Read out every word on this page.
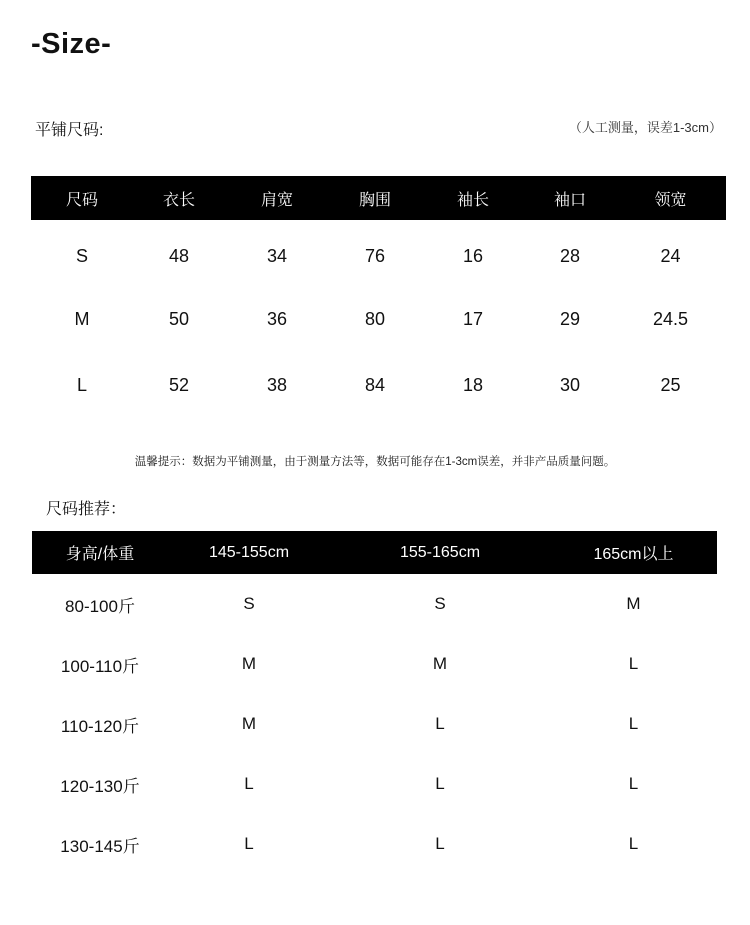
-Size-
平铺尺码:	（人工测量，误差1-3cm）
尺码	衣长	肩宽	胸围	袖长	袖口	领宽
S	48	34	76	16	28	24
M	50	36	80	17	29	24.5
L	52	38	84	18	30	25
温馨提示：数据为平铺测量，由于测量方法等，数据可能存在1-3cm误差，并非产品质量问题。
尺码推荐：
身高/体重	145-155cm	155-165cm	165cm以上
80-100斤	S	S	M
100-110斤	M	M	L
110-120斤	M	L	L
120-130斤	L	L	L
130-145斤	L	L	L
